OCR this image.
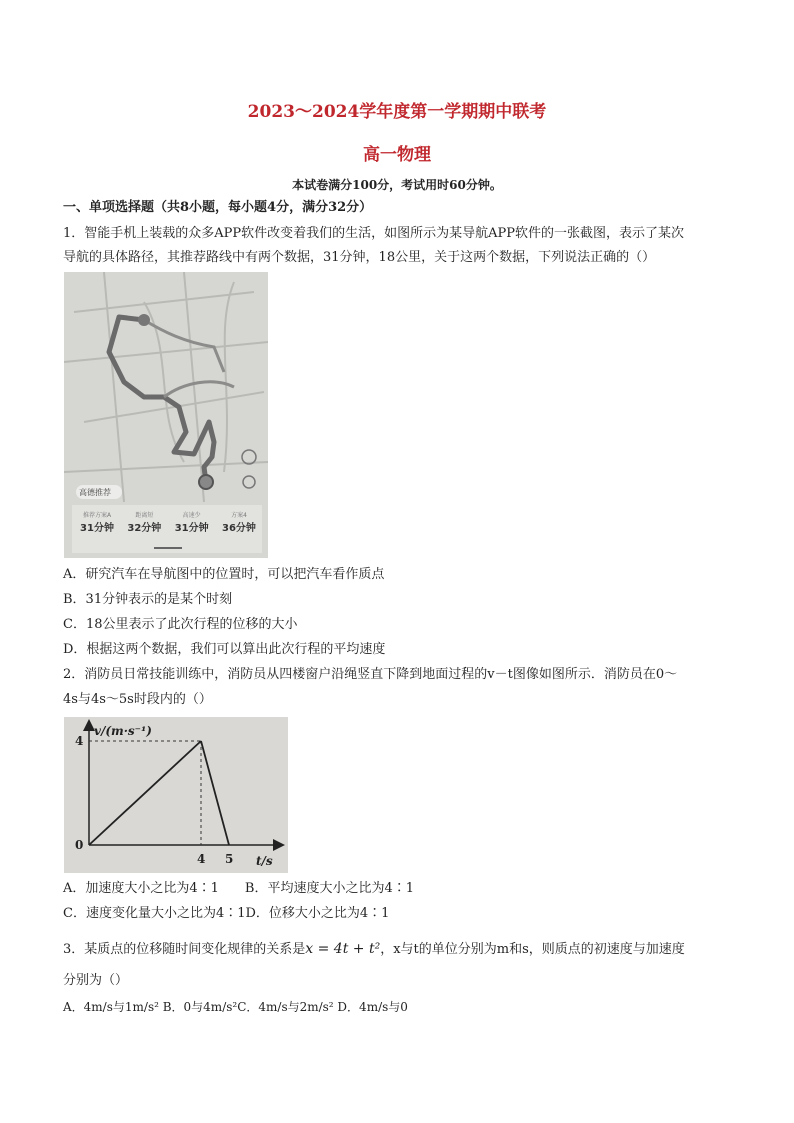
2023～2024学年度第一学期期中联考
高一物理
本试卷满分100分，考试用时60分钟。
一、单项选择题（共8小题，每小题4分，满分32分）
1．智能手机上装载的众多APP软件改变着我们的生活，如图所示为某导航APP软件的一张截图，表示了某次
导航的具体路径，其推荐路线中有两个数据，31分钟，18公里，关于这两个数据，下列说法正确的（）
高德推荐
推荐方案A
31分钟
距离短
32分钟
高速少
31分钟
方案4
36分钟
A．研究汽车在导航图中的位置时，可以把汽车看作质点
B．31分钟表示的是某个时刻
C．18公里表示了此次行程的位移的大小
D．根据这两个数据，我们可以算出此次行程的平均速度
2．消防员日常技能训练中，消防员从四楼窗户沿绳竖直下降到地面过程的v－t图像如图所示．消防员在0～
4s与4s～5s时段内的（）
v/(m·s⁻¹)
t/s
0
4 5
4
A．加速度大小之比为4∶1　　B．平均速度大小之比为4∶1
C．速度变化量大小之比为4∶1D．位移大小之比为4∶1
3．某质点的位移随时间变化规律的关系是x = 4t + t²，x与t的单位分别为m和s，则质点的初速度与加速度
分别为（）
A．4m/s与1m/s² B．0与4m/s²C．4m/s与2m/s² D．4m/s与0
